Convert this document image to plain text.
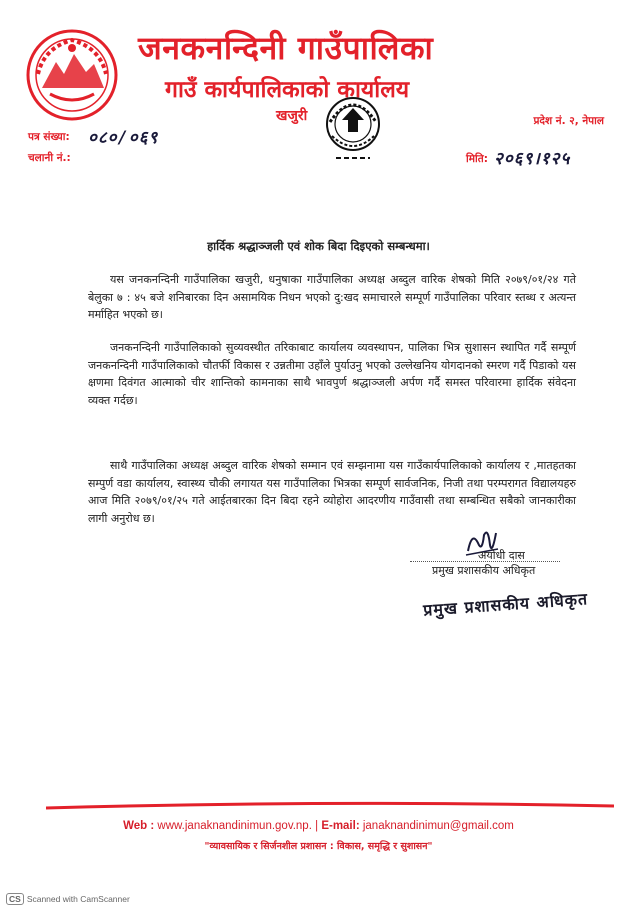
जनकनन्दिनी गाउँपालिका
गाउँ कार्यपालिकाको कार्यालय
खजुरी	प्रदेश नं. २, नेपाल
पत्र संख्या: ०८०/०६९
चलानी नं.:	मिति: २०६९।१२५
हार्दिक श्रद्धाञ्जली एवं शोक बिदा दिइएको सम्बन्धमा।
यस जनकनन्दिनी गाउँपालिका खजुरी, धनुषाका गाउँपालिका अध्यक्ष अब्दुल वारिक शेषको मिति २०७९/०१/२४ गते बेलुका ७ : ४५ बजे शनिबारका दिन असामयिक निधन भएको दु:खद समाचारले सम्पूर्ण गाउँपालिका परिवार स्तब्ध र अत्यन्त मर्माहित भएको छ।
जनकनन्दिनी गाउँपालिकाको सुव्यवस्थीत तरिकाबाट कार्यालय व्यवस्थापन, पालिका भित्र सुशासन स्थापित गर्दै सम्पूर्ण जनकनन्दिनी गाउँपालिकाको चौतर्फी विकास र उन्नतीमा उहाँले पुर्याउनु भएको उल्लेखनिय योगदानको स्मरण गर्दै पिडाको यस क्षणमा दिवंगत आत्माको चीर शान्तिको कामनाका साथै भावपुर्ण श्रद्धाञ्जली अर्पण गर्दै समस्त परिवारमा हार्दिक संवेदना व्यक्त गर्दछ।
साथै गाउँपालिका अध्यक्ष अब्दुल वारिक शेषको सम्मान एवं सम्झनामा यस गाउँकार्यपालिकाको कार्यालय र ,मातहतका सम्पुर्ण वडा कार्यालय, स्वास्थ्य चौकी लगायत यस गाउँपालिका भित्रका सम्पूर्ण सार्वजनिक, निजी तथा परम्परागत विद्यालयहरु आज मिति २०७९/०१/२५ गते आईतबारका दिन बिदा रहने व्योहोरा आदरणीय गाउँवासी तथा सम्बन्धित सबैको जानकारीका लागी अनुरोध छ।
अयोधी दास
प्रमुख प्रशासकीय अधिकृत
प्रमुख प्रशासकीय अधिकृत
Web : www.janaknandinimun.gov.np. | E-mail: janaknandinimun@gmail.com
"व्यावसायिक र सिर्जनशील प्रशासन : विकास, समृद्धि र सुशासन"
CS Scanned with CamScanner
